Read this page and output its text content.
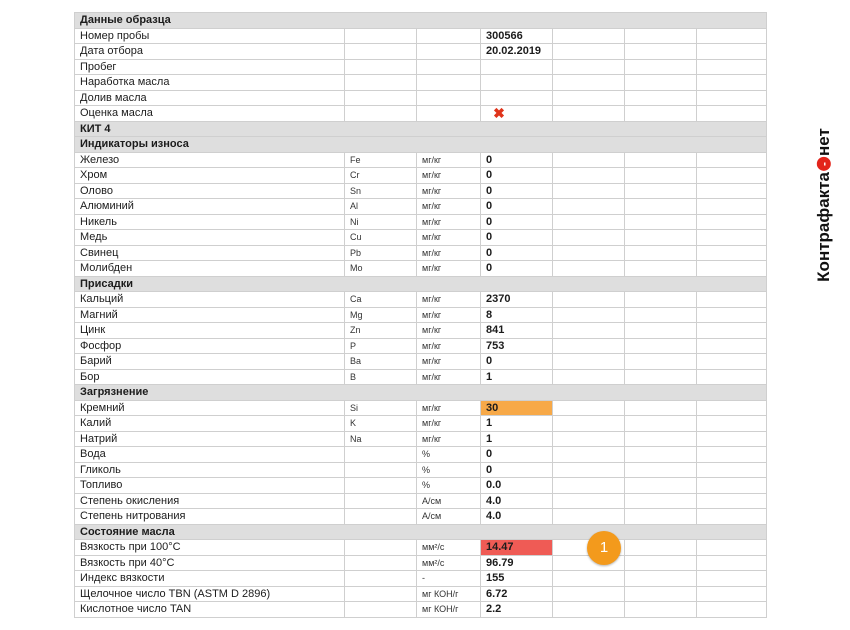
Данные образца						
Номер пробы			300566			
Дата отбора			20.02.2019			
Пробег						
Наработка масла						
Долив масла						
Оценка масла			✖			

КИТ 4						
Индикаторы износа						
Железо	Fe	мг/кг	0			
Хром	Cr	мг/кг	0			
Олово	Sn	мг/кг	0			
Алюминий	Al	мг/кг	0			
Никель	Ni	мг/кг	0			
Медь	Cu	мг/кг	0			
Свинец	Pb	мг/кг	0			
Молибден	Mo	мг/кг	0			
Присадки						
Кальций	Ca	мг/кг	2370			
Магний	Mg	мг/кг	8			
Цинк	Zn	мг/кг	841			
Фосфор	P	мг/кг	753			
Барий	Ba	мг/кг	0			
Бор	B	мг/кг	1			
Загрязнение						
Кремний	Si	мг/кг	30			
Калий	K	мг/кг	1			
Натрий	Na	мг/кг	1			
Вода		%	0			
Гликоль		%	0			
Топливо		%	0.0			
Степень окисления		A/см	4.0			
Степень нитрования		A/см	4.0			
Состояние масла						
Вязкость при 100°C		мм²/с	14.47			
Вязкость при 40°C		мм²/с	96.79			
Индекс вязкости		-	155			
Щелочное число TBN (ASTM D 2896)		мг КОН/г	6.72			
Кислотное число TAN		мг КОН/г	2.2			
1
Контрафакта
-
нет
